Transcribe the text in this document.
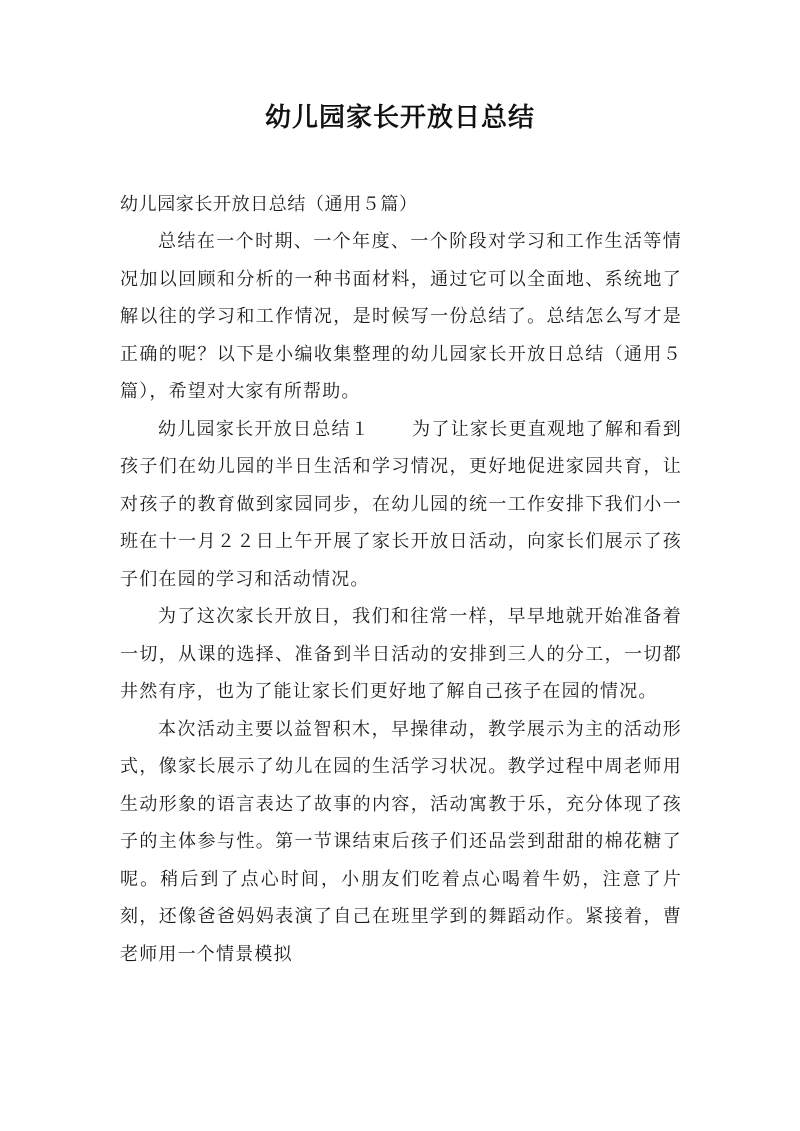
幼儿园家长开放日总结

幼儿园家长开放日总结（通用５篇）

总结在一个时期、一个年度、一个阶段对学习和工作生活等情况加以回顾和分析的一种书面材料，通过它可以全面地、系统地了解以往的学习和工作情况，是时候写一份总结了。总结怎么写才是正确的呢？以下是小编收集整理的幼儿园家长开放日总结（通用５篇），希望对大家有所帮助。

幼儿园家长开放日总结１ 为了让家长更直观地了解和看到孩子们在幼儿园的半日生活和学习情况，更好地促进家园共育，让对孩子的教育做到家园同步，在幼儿园的统一工作安排下我们小一班在十一月２２日上午开展了家长开放日活动，向家长们展示了孩子们在园的学习和活动情况。

为了这次家长开放日，我们和往常一样，早早地就开始准备着一切，从课的选择、准备到半日活动的安排到三人的分工，一切都井然有序，也为了能让家长们更好地了解自己孩子在园的情况。

本次活动主要以益智积木，早操律动，教学展示为主的活动形式，像家长展示了幼儿在园的生活学习状况。教学过程中周老师用生动形象的语言表达了故事的内容，活动寓教于乐，充分体现了孩子的主体参与性。第一节课结束后孩子们还品尝到甜甜的棉花糖了呢。稍后到了点心时间，小朋友们吃着点心喝着牛奶，注意了片刻，还像爸爸妈妈表演了自己在班里学到的舞蹈动作。紧接着，曹老师用一个情景模拟
